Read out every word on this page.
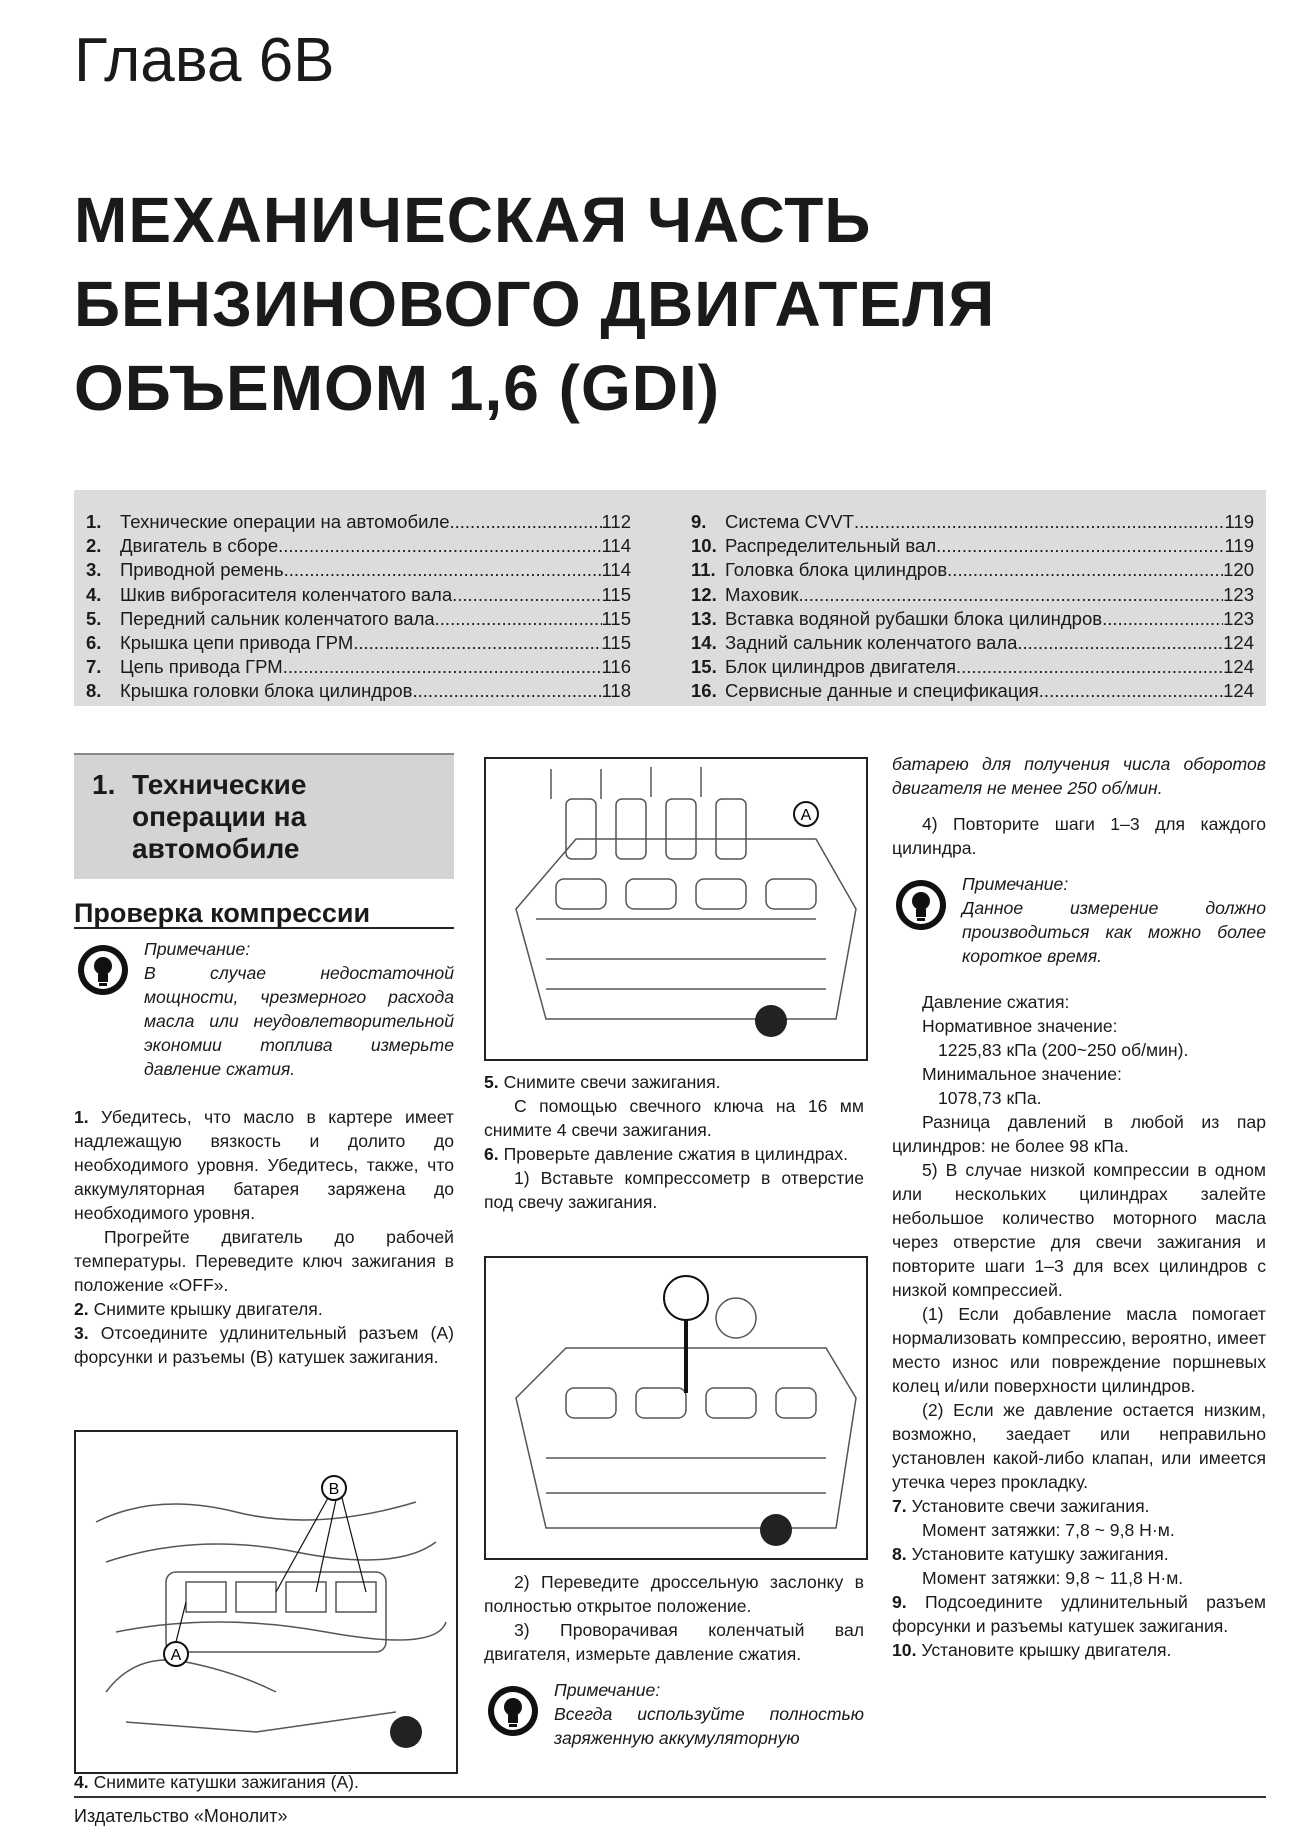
Глава 6В
МЕХАНИЧЕСКАЯ ЧАСТЬ
БЕНЗИНОВОГО ДВИГАТЕЛЯ
ОБЪЕМОМ 1,6 (GDI)
1.	Технические операции на автомобиле .....	112
2.	Двигатель в сборе .....	114
3.	Приводной ремень .....	114
4.	Шкив виброгасителя коленчатого вала .....	115
5.	Передний сальник коленчатого вала .....	115
6.	Крышка цепи привода ГРМ .....	115
7.	Цепь привода ГРМ .....	116
8.	Крышка головки блока цилиндров .....	118
9.	Система CVVT .....	119
10. Распределительный вал .....	119
11. Головка блока цилиндров .....	120
12. Маховик .....	123
13. Вставка водяной рубашки блока цилиндров .....	123
14. Задний сальник коленчатого вала .....	124
15. Блок цилиндров двигателя .....	124
16. Сервисные данные и спецификация .....	124
1. Технические операции на автомобиле
Проверка компрессии
Примечание:

В случае недостаточной мощности, чрезмерного расхода масла или неудовлетворительной экономии топлива измерьте давление сжатия.

1. Убедитесь, что масло в картере имеет надлежащую вязкость и долито до необходимого уровня. Убедитесь, также, что аккумуляторная батарея заряжена до необходимого уровня.

Прогрейте двигатель до рабочей температуры. Переведите ключ зажигания в положение «OFF».

2. Снимите крышку двигателя.

3. Отсоедините удлинительный разъем (А) форсунки и разъемы (В) катушек зажигания.

B
A

4. Снимите катушки зажигания (А).

A

5. Снимите свечи зажигания.

С помощью свечного ключа на 16 мм снимите 4 свечи зажигания.

6. Проверьте давление сжатия в цилиндрах.

1) Вставьте компрессометр в отверстие под свечу зажигания.

2) Переведите дроссельную заслонку в полностью открытое положение.

3) Проворачивая коленчатый вал двигателя, измерьте давление сжатия.

Примечание:

Всегда используйте полностью заряженную аккумуляторную

батарею для получения числа оборотов двигателя не менее 250 об/мин.

4) Повторите шаги 1–3 для каждого цилиндра.

Примечание:

Данное измерение должно производиться как можно более короткое время.

Давление сжатия:

Нормативное значение:

1225,83 кПа (200~250 об/мин).

Минимальное значение:

1078,73 кПа.

Разница давлений в любой из пар цилиндров: не более 98 кПа.

5) В случае низкой компрессии в одном или нескольких цилиндрах залейте небольшое количество моторного масла через отверстие для свечи зажигания и повторите шаги 1–3 для всех цилиндров с низкой компрессией.

(1) Если добавление масла помогает нормализовать компрессию, вероятно, имеет место износ или повреждение поршневых колец и/или поверхности цилиндров.

(2) Если же давление остается низким, возможно, заедает или неправильно установлен какой-либо клапан, или имеется утечка через прокладку.

7. Установите свечи зажигания.

Момент затяжки: 7,8 ~ 9,8 Н·м.

8. Установите катушку зажигания.

Момент затяжки: 9,8 ~ 11,8 Н·м.

9. Подсоедините удлинительный разъем форсунки и разъемы катушек зажигания.

10. Установите крышку двигателя.

Издательство «Монолит»
